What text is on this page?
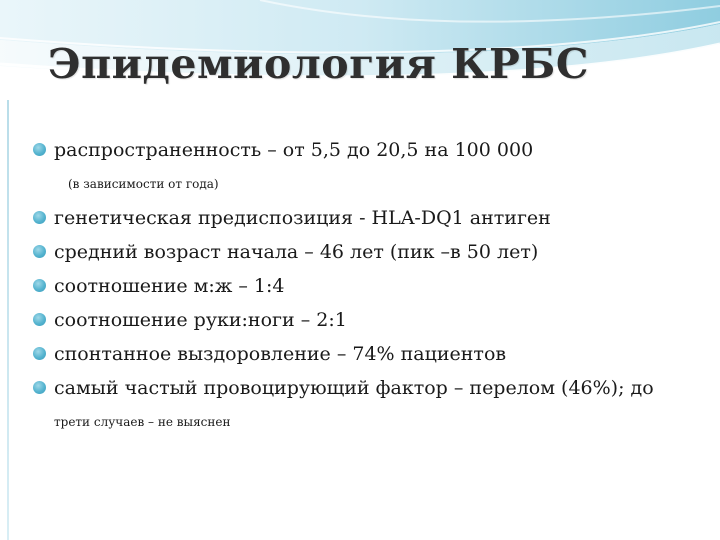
Эпидемиология КРБС
распространенность – от 5,5 до 20,5 на 100 000
(в зависимости от года)
генетическая предиспозиция - HLA-DQ1 антиген
средний возраст начала – 46 лет (пик –в 50 лет)
соотношение м:ж – 1:4
соотношение руки:ноги – 2:1
спонтанное выздоровление – 74% пациентов
самый частый провоцирующий фактор – перелом (46%); до
трети случаев – не выяснен
